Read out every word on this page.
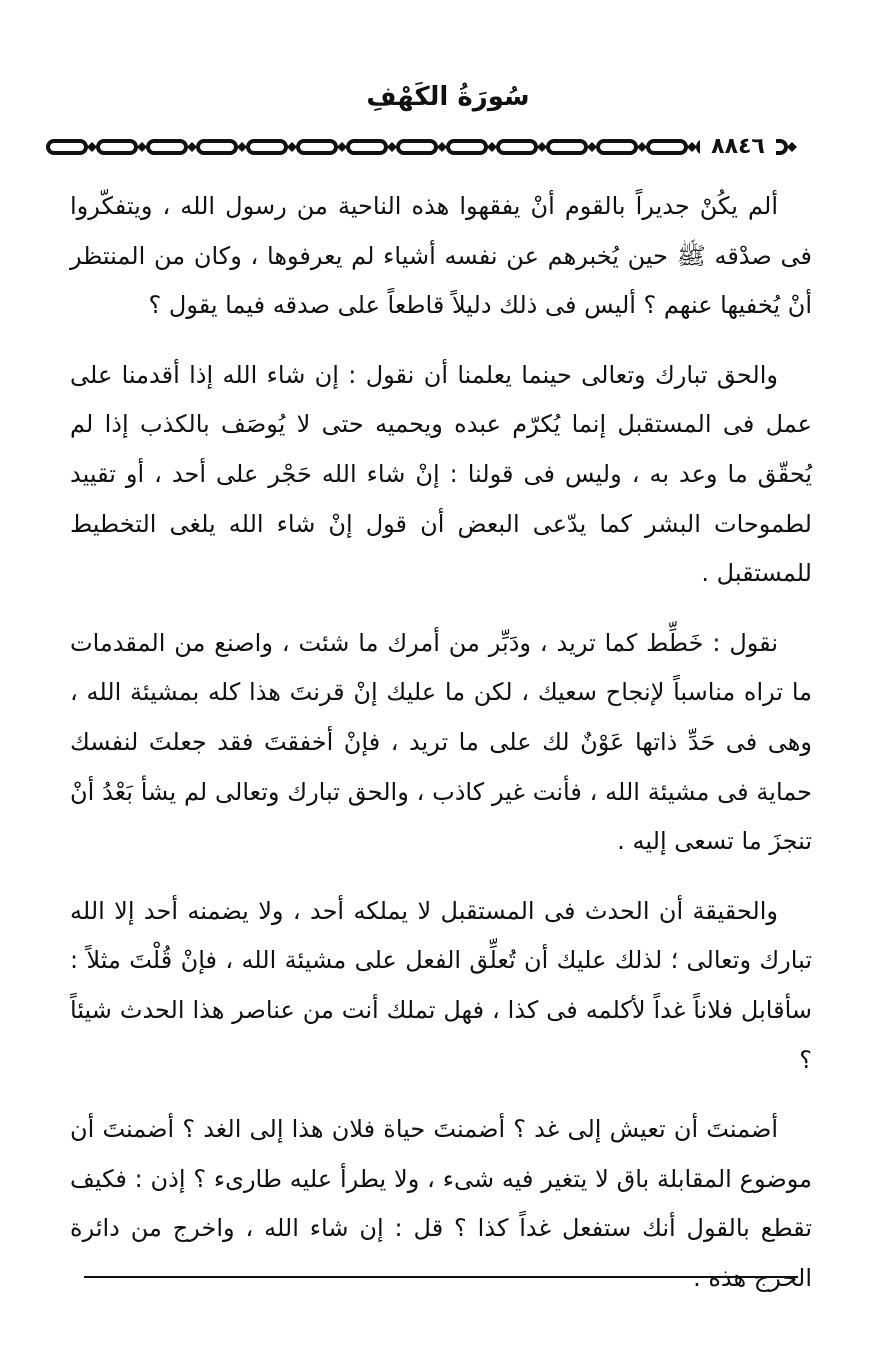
سُورَةُ الكَهْفِ
٨٨٤٦

ألم يكُنْ جديراً بالقوم أنْ يفقهوا هذه الناحية من رسول الله ، ويتفكّروا فى صدْقه ﷺ حين يُخبرهم عن نفسه أشياء لم يعرفوها ، وكان من المنتظر أنْ يُخفيها عنهم ؟ أليس فى ذلك دليلاً قاطعاً على صدقه فيما يقول ؟

والحق تبارك وتعالى حينما يعلمنا أن نقول : إن شاء الله إذا أقدمنا على عمل فى المستقبل إنما يُكرّم عبده ويحميه حتى لا يُوصَف بالكذب إذا لم يُحقّق ما وعد به ، وليس فى قولنا : إنْ شاء الله حَجْر على أحد ، أو تقييد لطموحات البشر كما يدّعى البعض أن قول إنْ شاء الله يلغى التخطيط للمستقبل .

نقول : خَطِّط كما تريد ، ودَبِّر من أمرك ما شئت ، واصنع من المقدمات ما تراه مناسباً لإنجاح سعيك ، لكن ما عليك إنْ قرنتَ هذا كله بمشيئة الله ، وهى فى حَدِّ ذاتها عَوْنٌ لك على ما تريد ، فإنْ أخفقتَ فقد جعلتَ لنفسك حماية فى مشيئة الله ، فأنت غير كاذب ، والحق تبارك وتعالى لم يشأ بَعْدُ أنْ تنجزَ ما تسعى إليه .

والحقيقة أن الحدث فى المستقبل لا يملكه أحد ، ولا يضمنه أحد إلا الله تبارك وتعالى ؛ لذلك عليك أن تُعلِّق الفعل على مشيئة الله ، فإنْ قُلْتَ مثلاً : سأقابل فلاناً غداً لأكلمه فى كذا ، فهل تملك أنت من عناصر هذا الحدث شيئاً ؟

أضمنتَ أن تعيش إلى غد ؟ أضمنتَ حياة فلان هذا إلى الغد ؟ أضمنتَ أن موضوع المقابلة باق لا يتغير فيه شىء ، ولا يطرأ عليه طارىء ؟ إذن : فكيف تقطع بالقول أنك ستفعل غداً كذا ؟ قل : إن شاء الله ، واخرج من دائرة الحرج هذه .
